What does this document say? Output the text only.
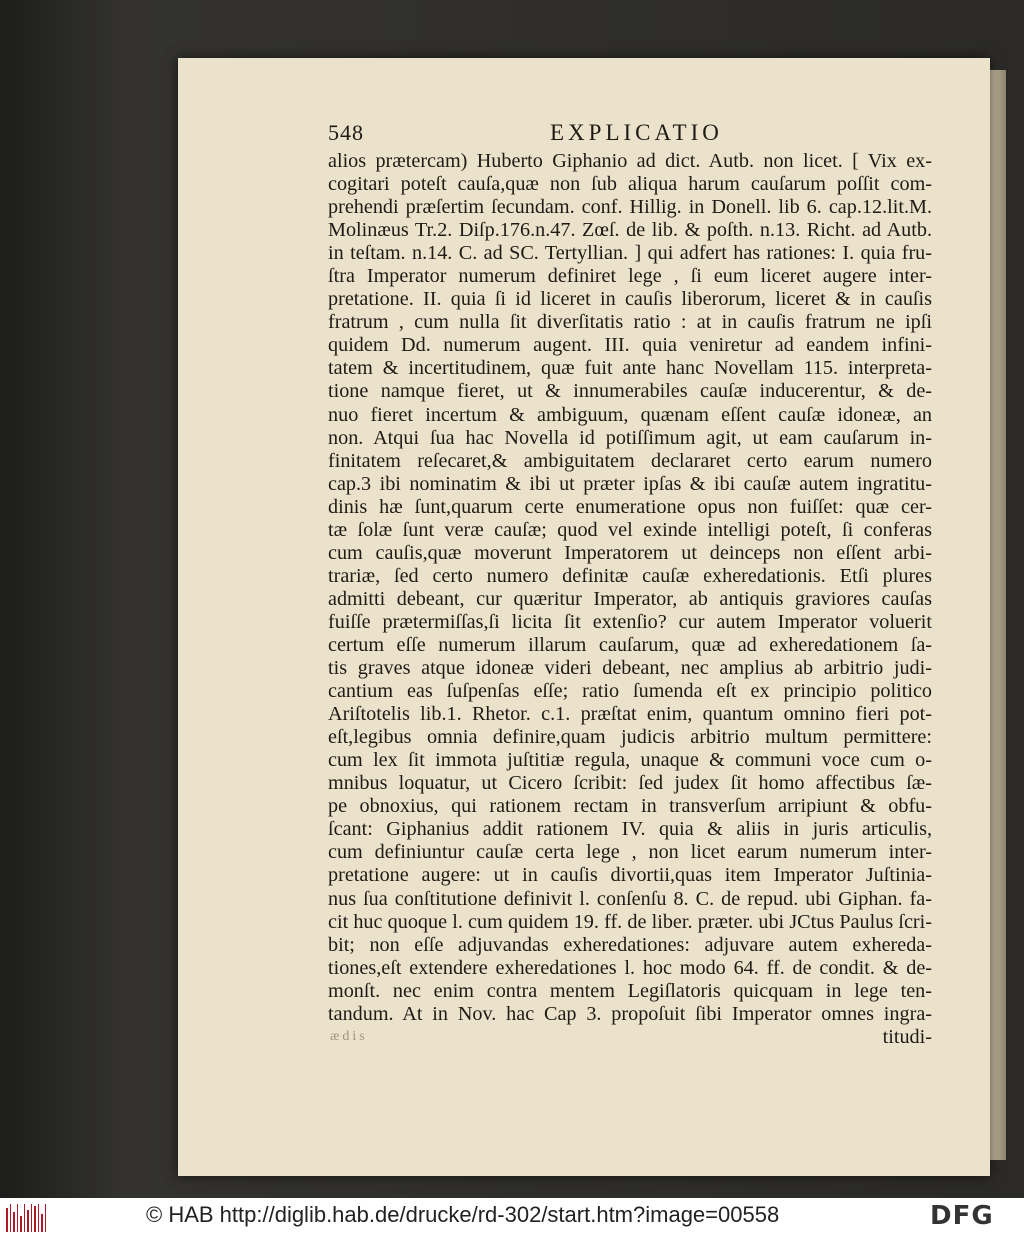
548	EXPLICATIO
alios prætercam) Huberto Giphanio ad dict. Autb. non licet. [ Vix ex-
cogitari poteſt cauſa,quæ non ſub aliqua harum cauſarum poſſit com-
prehendi præſertim ſecundam. conf. Hillig. in Donell. lib 6. cap.12.lit.M.
Molinæus Tr.2. Diſp.176.n.47. Zœſ. de lib. & poſth. n.13. Richt. ad Autb.
in teſtam. n.14. C. ad SC. Tertyllian. ] qui adfert has rationes: I. quia fru-
ſtra Imperator numerum definiret lege , ſi eum liceret augere inter-
pretatione. II. quia ſi id liceret in cauſis liberorum, liceret & in cauſis
fratrum , cum nulla ſit diverſitatis ratio : at in cauſis fratrum ne ipſi
quidem Dd. numerum augent. III. quia veniretur ad eandem infini-
tatem & incertitudinem, quæ fuit ante hanc Novellam 115. interpreta-
tione namque fieret, ut & innumerabiles cauſæ inducerentur, & de-
nuo fieret incertum & ambiguum, quænam eſſent cauſæ idoneæ, an
non. Atqui ſua hac Novella id potiſſimum agit, ut eam cauſarum in-
finitatem reſecaret,& ambiguitatem declararet certo earum numero
cap.3 ibi nominatim & ibi ut præter ipſas & ibi cauſæ autem ingratitu-
dinis hæ ſunt,quarum certe enumeratione opus non fuiſſet: quæ cer-
tæ ſolæ ſunt veræ cauſæ; quod vel exinde intelligi poteſt, ſi conferas
cum cauſis,quæ moverunt Imperatorem ut deinceps non eſſent arbi-
trariæ, ſed certo numero definitæ cauſæ exheredationis. Etſi plures
admitti debeant, cur quæritur Imperator, ab antiquis graviores cauſas
fuiſſe prætermiſſas,ſi licita ſit extenſio? cur autem Imperator voluerit
certum eſſe numerum illarum cauſarum, quæ ad exheredationem ſa-
tis graves atque idoneæ videri debeant, nec amplius ab arbitrio judi-
cantium eas ſuſpenſas eſſe; ratio ſumenda eſt ex principio politico
Ariſtotelis lib.1. Rhetor. c.1. præſtat enim, quantum omnino fieri pot-
eſt,legibus omnia definire,quam judicis arbitrio multum permittere:
cum lex ſit immota juſtitiæ regula, unaque & communi voce cum o-
mnibus loquatur, ut Cicero ſcribit: ſed judex ſit homo affectibus ſæ-
pe obnoxius, qui rationem rectam in transverſum arripiunt & obfu-
ſcant: Giphanius addit rationem IV. quia & aliis in juris articulis,
cum definiuntur cauſæ certa lege , non licet earum numerum inter-
pretatione augere: ut in cauſis divortii,quas item Imperator Juſtinia-
nus ſua conſtitutione definivit l. conſenſu 8. C. de repud. ubi Giphan. fa-
cit huc quoque l. cum quidem 19. ff. de liber. præter. ubi JCtus Paulus ſcri-
bit; non eſſe adjuvandas exheredationes: adjuvare autem exhereda-
tiones,eſt extendere exheredationes l. hoc modo 64. ff. de condit. & de-
monſt. nec enim contra mentem Legiſlatoris quicquam in lege ten-
tandum. At in Nov. hac Cap 3. propoſuit ſibi Imperator omnes ingra-
titudi-
ædis
© HAB http://diglib.hab.de/drucke/rd-302/start.htm?image=00558	DFG
